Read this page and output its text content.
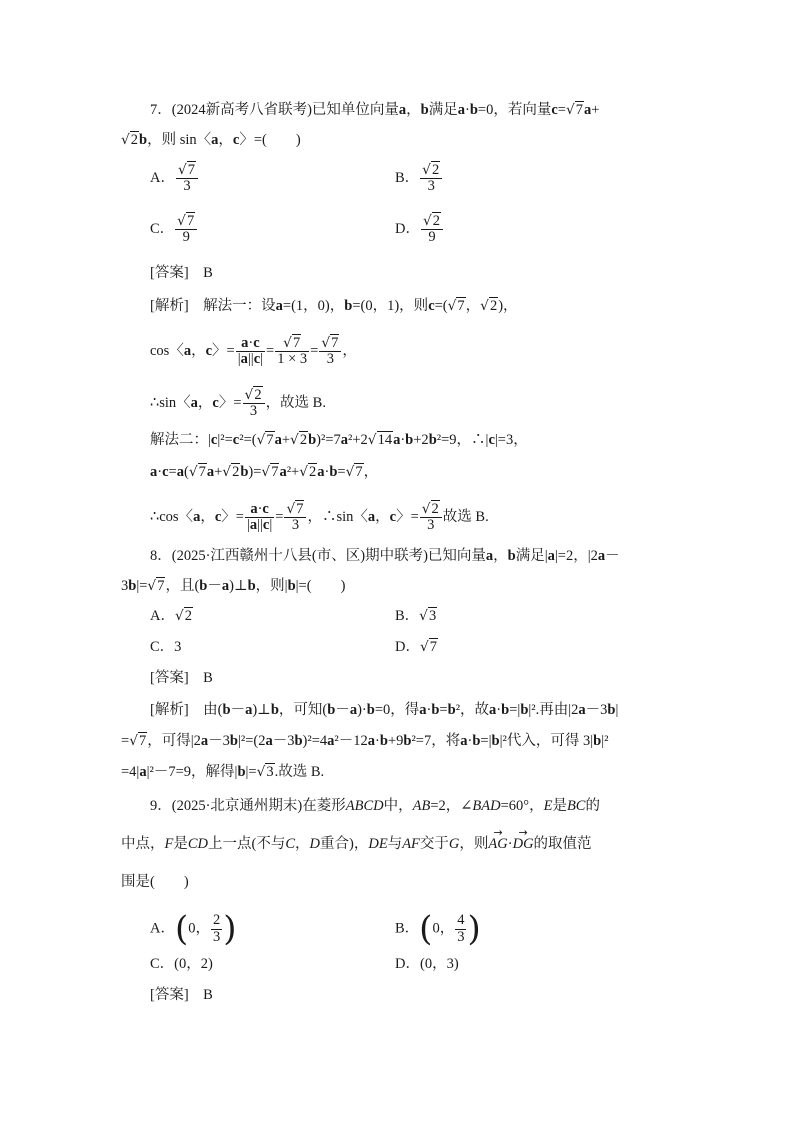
7．(2024新高考八省联考)已知单位向量a，b满足a·b=0，若向量c=√7a+
√2b，则 sin〈a，c〉=(　　)
A． $\frac{√7}{3}$	B． $\frac{√2}{3}$
C． $\frac{√7}{9}$	D． $\frac{√2}{9}$
[答案]　 B
[解析]　 解法一：设a=(1，0)，b=(0，1)，则c=(√7，√2)，
cos〈a，c〉= $\frac{a\cdot c}{|a||c|} = \frac{√7}{1 \times 3} = \frac{√7}{3}$ ，
∴sin〈a，c〉= $\frac{√2}{3}$ ，故选 B.
解法二：|c|²=c²=(√7a+√2b)²=7a²+2√14a·b+2b²=9，∴|c|=3，
a·c=a(√7a+√2b)=√7a²+√2a·b=√7，
∴cos〈a，c〉= $\frac{a\cdot c}{|a||c|} = \frac{√7}{3}$ ，∴sin〈a，c〉= $\frac{√2}{3}$ 故选 B.
8．(2025·江西赣州十八县(市、区)期中联考)已知向量a，b满足|a|=2，|2a－
3b|=√7，且(b－a)⊥b，则|b|=(　　)
A．√2	B．√3
C．3	D．√7
[答案]　 B
[解析]　 由(b－a)⊥b，可知(b－a)·b=0，得a·b=b²，故a·b=|b|².再由|2a－3b|
=√7，可得|2a－3b|²=(2a－3b)²=4a²－12a·b+9b²=7，将a·b=|b|²代入，可得 3|b|²
=4|a|²－7=9，解得|b|=√3.故选 B.
9．(2025·北京通州期末)在菱形ABCD中，AB=2，∠BAD=60°，E是BC的
中点，F是CD上一点(不与C，D重合)，DE与AF交于G，则→ AG·→ DG的取值范
围是(　　)
A．(0， $\frac{2}{3}$ )	B．(0， $\frac{4}{3}$ )
C．(0，2)	D．(0，3)
[答案]　 B
